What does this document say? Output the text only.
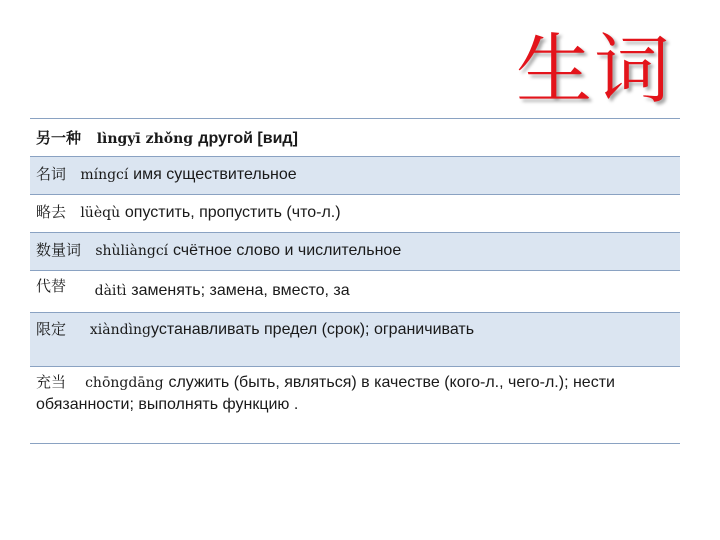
生词
另一种 lìngyī zhǒng другой [вид]
名词 míngcí имя существительное
略去 lüèqù опустить, пропустить (что-л.)
数量词 shùliàngcí счётное слово и числительное
代替 dàitì заменять; замена, вместо, за
限定 xiàndìngустанавливать предел (срок); ограничивать
充当 chōngdāng служить (быть, являться) в качестве (кого-л., чего-л.); нести обязанности; выполнять функцию .
